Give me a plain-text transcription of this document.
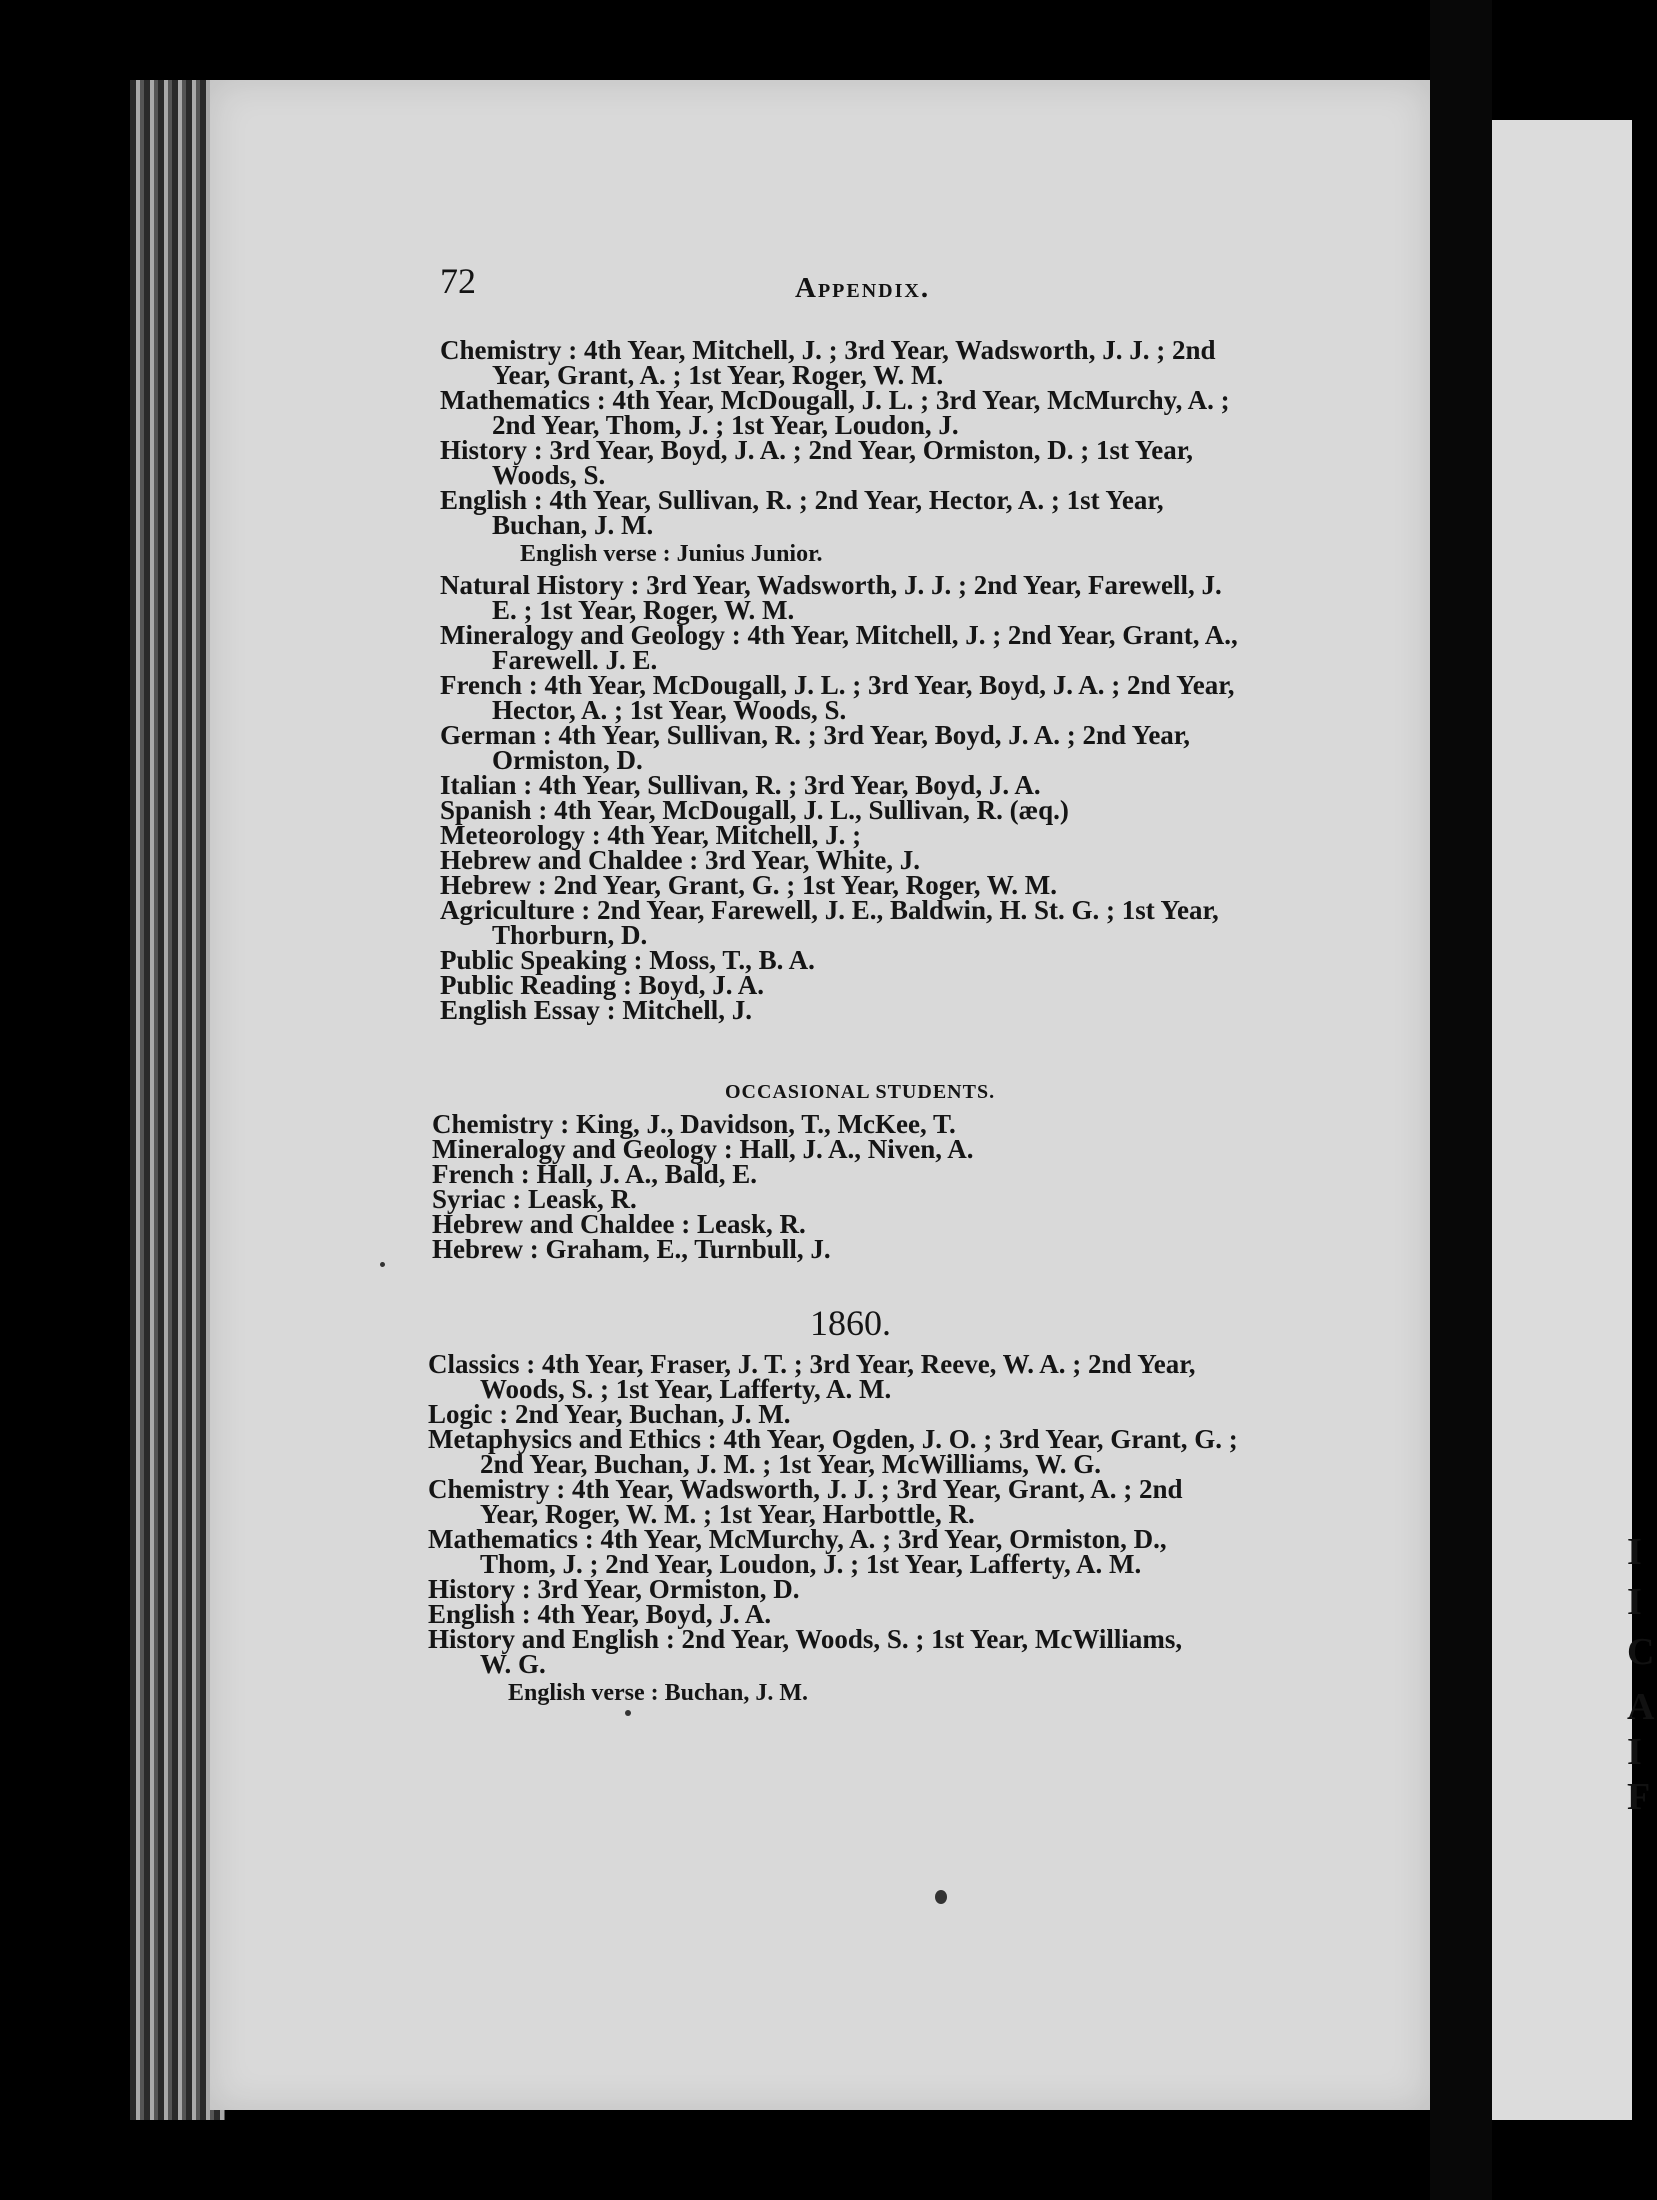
I
I
C
A
I
F
72	Appendix.

Chemistry : 4th Year, Mitchell, J. ; 3rd Year, Wadsworth, J. J. ; 2nd
Year, Grant, A. ; 1st Year, Roger, W. M.

Mathematics : 4th Year, McDougall, J. L. ; 3rd Year, McMurchy, A. ;
2nd Year, Thom, J. ; 1st Year, Loudon, J.

History : 3rd Year, Boyd, J. A. ; 2nd Year, Ormiston, D. ; 1st Year,
Woods, S.

English : 4th Year, Sullivan, R. ; 2nd Year, Hector, A. ; 1st Year,
Buchan, J. M.

English verse : Junius Junior.

Natural History : 3rd Year, Wadsworth, J. J. ; 2nd Year, Farewell, J.
E. ; 1st Year, Roger, W. M.

Mineralogy and Geology : 4th Year, Mitchell, J. ; 2nd Year, Grant, A.,
Farewell. J. E.

French : 4th Year, McDougall, J. L. ; 3rd Year, Boyd, J. A. ; 2nd Year,
Hector, A. ; 1st Year, Woods, S.

German : 4th Year, Sullivan, R. ; 3rd Year, Boyd, J. A. ; 2nd Year,
Ormiston, D.

Italian : 4th Year, Sullivan, R. ; 3rd Year, Boyd, J. A.

Spanish : 4th Year, McDougall, J. L., Sullivan, R. (æq.)

Meteorology : 4th Year, Mitchell, J. ;

Hebrew and Chaldee : 3rd Year, White, J.

Hebrew : 2nd Year, Grant, G. ; 1st Year, Roger, W. M.

Agriculture : 2nd Year, Farewell, J. E., Baldwin, H. St. G. ; 1st Year,
Thorburn, D.

Public Speaking : Moss, T., B. A.

Public Reading : Boyd, J. A.

English Essay : Mitchell, J.

OCCASIONAL STUDENTS.

Chemistry : King, J., Davidson, T., McKee, T.

Mineralogy and Geology : Hall, J. A., Niven, A.

French : Hall, J. A., Bald, E.

Syriac : Leask, R.

Hebrew and Chaldee : Leask, R.

Hebrew : Graham, E., Turnbull, J.

1860.

Classics : 4th Year, Fraser, J. T. ; 3rd Year, Reeve, W. A. ; 2nd Year,
Woods, S. ; 1st Year, Lafferty, A. M.

Logic : 2nd Year, Buchan, J. M.

Metaphysics and Ethics : 4th Year, Ogden, J. O. ; 3rd Year, Grant, G. ;
2nd Year, Buchan, J. M. ; 1st Year, McWilliams, W. G.

Chemistry : 4th Year, Wadsworth, J. J. ; 3rd Year, Grant, A. ; 2nd
Year, Roger, W. M. ; 1st Year, Harbottle, R.

Mathematics : 4th Year, McMurchy, A. ; 3rd Year, Ormiston, D.,
Thom, J. ; 2nd Year, Loudon, J. ; 1st Year, Lafferty, A. M.

History : 3rd Year, Ormiston, D.

English : 4th Year, Boyd, J. A.

History and English : 2nd Year, Woods, S. ; 1st Year, McWilliams,
W. G.

English verse : Buchan, J. M.
